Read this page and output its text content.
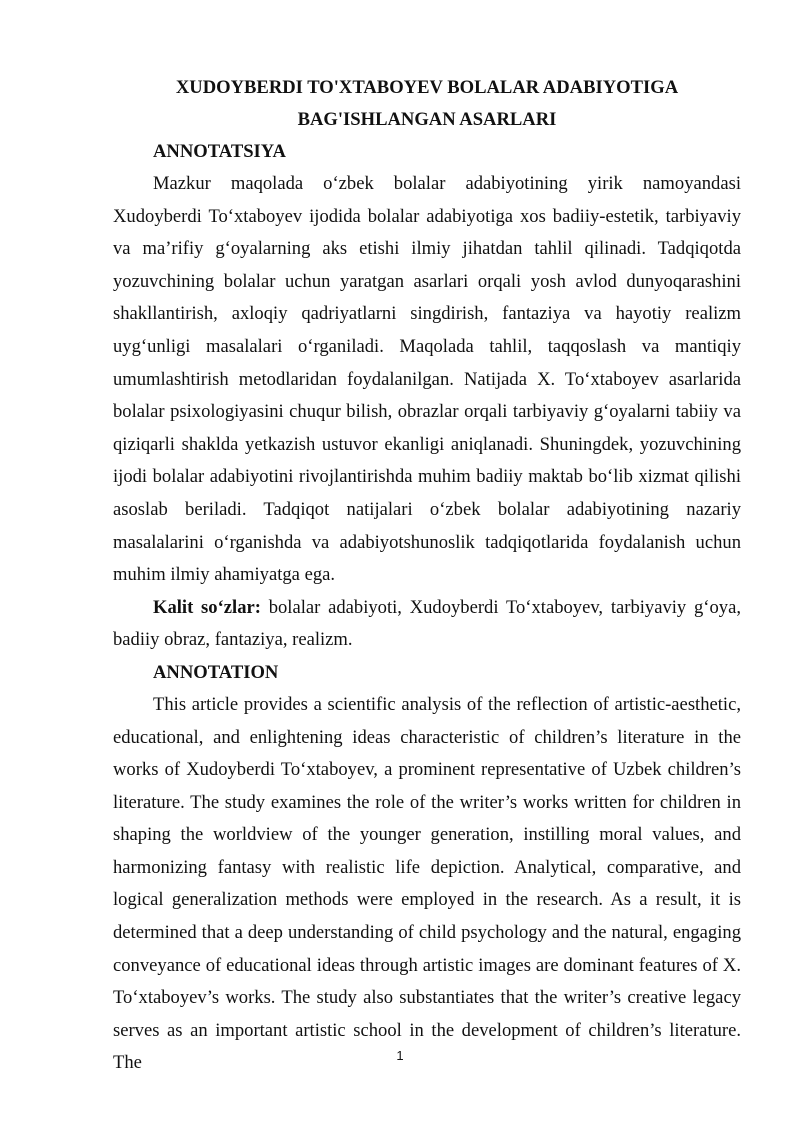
XUDOYBERDI TO'XTABOYEV BOLALAR ADABIYOTIGA

BAG'ISHLANGAN ASARLARI

ANNOTATSIYA

Mazkur maqolada o‘zbek bolalar adabiyotining yirik namoyandasi Xudoyberdi To‘xtaboyev ijodida bolalar adabiyotiga xos badiiy-estetik, tarbiyaviy va ma’rifiy g‘oyalarning aks etishi ilmiy jihatdan tahlil qilinadi. Tadqiqotda yozuvchining bolalar uchun yaratgan asarlari orqali yosh avlod dunyoqarashini shakllantirish, axloqiy qadriyatlarni singdirish, fantaziya va hayotiy realizm uyg‘unligi masalalari o‘rganiladi. Maqolada tahlil, taqqoslash va mantiqiy umumlashtirish metodlaridan foydalanilgan. Natijada X. To‘xtaboyev asarlarida bolalar psixologiyasini chuqur bilish, obrazlar orqali tarbiyaviy g‘oyalarni tabiiy va qiziqarli shaklda yetkazish ustuvor ekanligi aniqlanadi. Shuningdek, yozuvchining ijodi bolalar adabiyotini rivojlantirishda muhim badiiy maktab bo‘lib xizmat qilishi asoslab beriladi. Tadqiqot natijalari o‘zbek bolalar adabiyotining nazariy masalalarini o‘rganishda va adabiyotshunoslik tadqiqotlarida foydalanish uchun muhim ilmiy ahamiyatga ega.

Kalit so‘zlar: bolalar adabiyoti, Xudoyberdi To‘xtaboyev, tarbiyaviy g‘oya, badiiy obraz, fantaziya, realizm.

ANNOTATION

This article provides a scientific analysis of the reflection of artistic-aesthetic, educational, and enlightening ideas characteristic of children’s literature in the works of Xudoyberdi To‘xtaboyev, a prominent representative of Uzbek children’s literature. The study examines the role of the writer’s works written for children in shaping the worldview of the younger generation, instilling moral values, and harmonizing fantasy with realistic life depiction. Analytical, comparative, and logical generalization methods were employed in the research. As a result, it is determined that a deep understanding of child psychology and the natural, engaging conveyance of educational ideas through artistic images are dominant features of X. To‘xtaboyev’s works. The study also substantiates that the writer’s creative legacy serves as an important artistic school in the development of children’s literature. The	1
